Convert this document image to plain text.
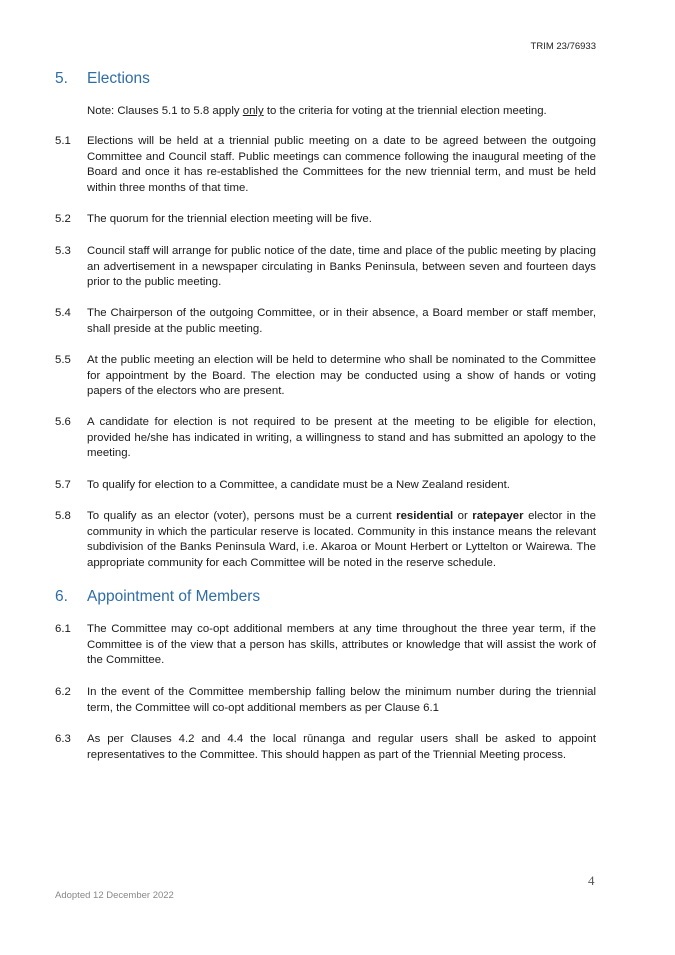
TRIM 23/76933
5. Elections
Note: Clauses 5.1 to 5.8 apply only to the criteria for voting at the triennial election meeting.
5.1	Elections will be held at a triennial public meeting on a date to be agreed between the outgoing Committee and Council staff. Public meetings can commence following the inaugural meeting of the Board and once it has re-established the Committees for the new triennial term, and must be held within three months of that time.
5.2	The quorum for the triennial election meeting will be five.
5.3	Council staff will arrange for public notice of the date, time and place of the public meeting by placing an advertisement in a newspaper circulating in Banks Peninsula, between seven and fourteen days prior to the public meeting.
5.4	The Chairperson of the outgoing Committee, or in their absence, a Board member or staff member, shall preside at the public meeting.
5.5	At the public meeting an election will be held to determine who shall be nominated to the Committee for appointment by the Board. The election may be conducted using a show of hands or voting papers of the electors who are present.
5.6	A candidate for election is not required to be present at the meeting to be eligible for election, provided he/she has indicated in writing, a willingness to stand and has submitted an apology to the meeting.
5.7	To qualify for election to a Committee, a candidate must be a New Zealand resident.
5.8	To qualify as an elector (voter), persons must be a current residential or ratepayer elector in the community in which the particular reserve is located. Community in this instance means the relevant subdivision of the Banks Peninsula Ward, i.e. Akaroa or Mount Herbert or Lyttelton or Wairewa. The appropriate community for each Committee will be noted in the reserve schedule.
6. Appointment of Members
6.1	The Committee may co-opt additional members at any time throughout the three year term, if the Committee is of the view that a person has skills, attributes or knowledge that will assist the work of the Committee.
6.2	In the event of the Committee membership falling below the minimum number during the triennial term, the Committee will co-opt additional members as per Clause 6.1
6.3	As per Clauses 4.2 and 4.4 the local rūnanga and regular users shall be asked to appoint representatives to the Committee. This should happen as part of the Triennial Meeting process.
4
Adopted 12 December 2022
